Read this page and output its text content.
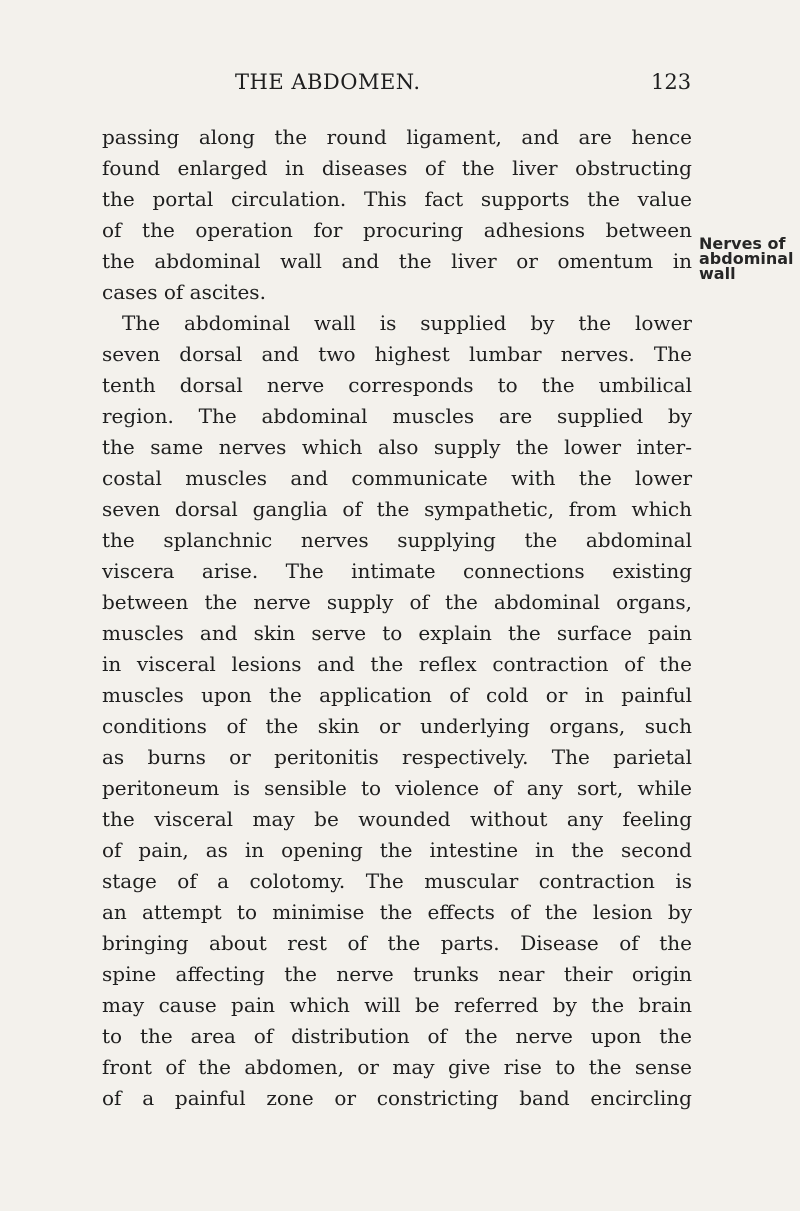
THE ABDOMEN.	123
passing along the round ligament, and are hence
found enlarged in diseases of the liver obstructing
the portal circulation. This fact supports the value
of the operation for procuring adhesions between
the abdominal wall and the liver or omentum in
cases of ascites.
The abdominal wall is supplied by the lower
seven dorsal and two highest lumbar nerves. The
tenth dorsal nerve corresponds to the umbilical
region. The abdominal muscles are supplied by
the same nerves which also supply the lower inter-
costal muscles and communicate with the lower
seven dorsal ganglia of the sympathetic, from which
the splanchnic nerves supplying the abdominal
viscera arise. The intimate connections existing
between the nerve supply of the abdominal organs,
muscles and skin serve to explain the surface pain
in visceral lesions and the reflex contraction of the
muscles upon the application of cold or in painful
conditions of the skin or underlying organs, such
as burns or peritonitis respectively. The parietal
peritoneum is sensible to violence of any sort, while
the visceral may be wounded without any feeling
of pain, as in opening the intestine in the second
stage of a colotomy. The muscular contraction is
an attempt to minimise the effects of the lesion by
bringing about rest of the parts. Disease of the
spine affecting the nerve trunks near their origin
may cause pain which will be referred by the brain
to the area of distribution of the nerve upon the
front of the abdomen, or may give rise to the sense
of a painful zone or constricting band encircling
Nerves of
abdominal
wall
